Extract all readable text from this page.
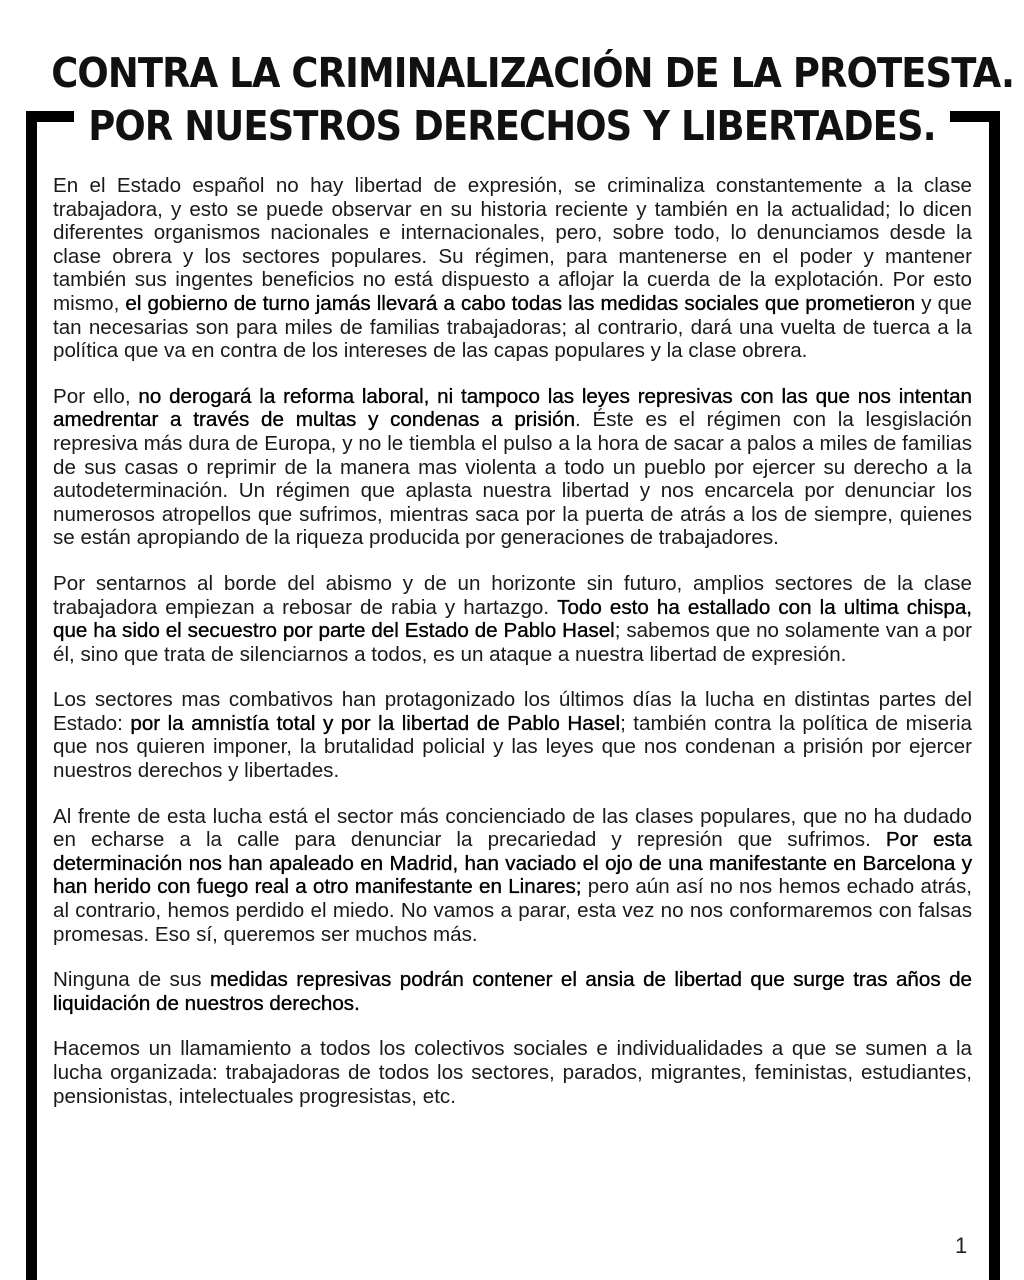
CONTRA LA CRIMINALIZACIÓN DE LA PROTESTA.
POR NUESTROS DERECHOS Y LIBERTADES.

En el Estado español no hay libertad de expresión, se criminaliza constantemente a la clase trabajadora, y esto se puede observar en su historia reciente y también en la actualidad; lo dicen diferentes organismos nacionales e internacionales, pero, sobre todo, lo denunciamos desde la clase obrera y los sectores populares. Su régimen, para mantenerse en el poder y mantener también sus ingentes beneficios no está dispuesto a aflojar la cuerda de la explotación. Por esto mismo, el gobierno de turno jamás llevará a cabo todas las medidas sociales que prometieron y que tan necesarias son para miles de familias trabajadoras; al contrario, dará una vuelta de tuerca a la política que va en contra de los intereses de las capas populares y la clase obrera.

Por ello, no derogará la reforma laboral, ni tampoco las leyes represivas con las que nos intentan amedrentar a través de multas y condenas a prisión. Éste es el régimen con la lesgislación represiva más dura de Europa, y no le tiembla el pulso a la hora de sacar a palos a miles de familias de sus casas o reprimir de la manera mas violenta a todo un pueblo por ejercer su derecho a la autodeterminación. Un régimen que aplasta nuestra libertad y nos encarcela por denunciar los numerosos atropellos que sufrimos, mientras saca por la puerta de atrás a los de siempre, quienes se están apropiando de la riqueza producida por generaciones de trabajadores.

Por sentarnos al borde del abismo y de un horizonte sin futuro, amplios sectores de la clase trabajadora empiezan a rebosar de rabia y hartazgo. Todo esto ha estallado con la ultima chispa, que ha sido el secuestro por parte del Estado de Pablo Hasel; sabemos que no solamente van a por él, sino que trata de silenciarnos a todos, es un ataque a nuestra libertad de expresión.

Los sectores mas combativos han protagonizado los últimos días la lucha en distintas partes del Estado: por la amnistía total y por la libertad de Pablo Hasel; también contra la política de miseria que nos quieren imponer, la brutalidad policial y las leyes que nos condenan a prisión por ejercer nuestros derechos y libertades.

Al frente de esta lucha está el sector más concienciado de las clases populares, que no ha dudado en echarse a la calle para denunciar la precariedad y represión que sufrimos. Por esta determinación nos han apaleado en Madrid, han vaciado el ojo de una manifestante en Barcelona y han herido con fuego real a otro manifestante en Linares; pero aún así no nos hemos echado atrás, al contrario, hemos perdido el miedo. No vamos a parar, esta vez no nos conformaremos con falsas promesas. Eso sí, queremos ser muchos más.

Ninguna de sus medidas represivas podrán contener el ansia de libertad que surge tras años de liquidación de nuestros derechos.

Hacemos un llamamiento a todos los colectivos sociales e individualidades a que se sumen a la lucha organizada: trabajadoras de todos los sectores, parados, migrantes, feministas, estudiantes, pensionistas, intelectuales progresistas, etc.

1
